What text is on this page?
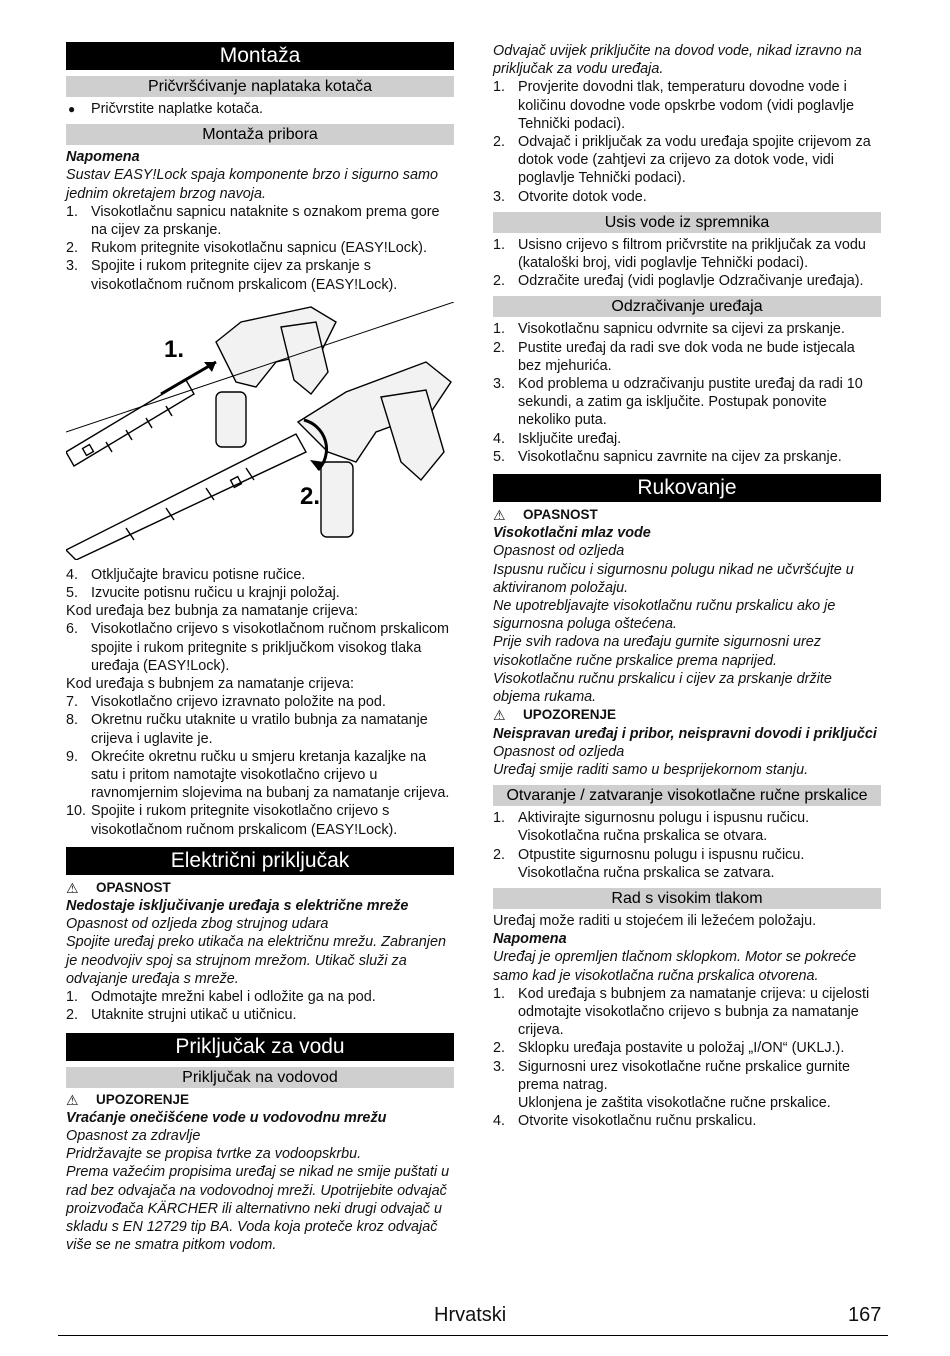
Montaža
Pričvršćivanje naplataka kotača
● Pričvrstite naplatke kotača.
Montaža pribora

Napomena

Sustav EASY!Lock spaja komponente brzo i sigurno samo jednim okretajem brzog navoja.

1. Visokotlačnu sapnicu nataknite s oznakom prema gore na cijev za prskanje.
2. Rukom pritegnite visokotlačnu sapnicu (EASY!Lock).
3. Spojite i rukom pritegnite cijev za prskanje s visokotlačnom ručnom prskalicom (EASY!Lock).
1.
2.
4. Otključajte bravicu potisne ručice.
5. Izvucite potisnu ručicu u krajnji položaj.

Kod uređaja bez bubnja za namatanje crijeva:

6. Visokotlačno crijevo s visokotlačnom ručnom prskalicom spojite i rukom pritegnite s priključkom visokog tlaka uređaja (EASY!Lock).

Kod uređaja s bubnjem za namatanje crijeva:

7. Visokotlačno crijevo izravnato položite na pod.
8. Okretnu ručku utaknite u vratilo bubnja za namatanje crijeva i uglavite je.
9. Okrećite okretnu ručku u smjeru kretanja kazaljke na satu i pritom namotajte visokotlačno crijevo u ravnomjernim slojevima na bubanj za namatanje crijeva.
10. Spojite i rukom pritegnite visokotlačno crijevo s visokotlačnom ručnom prskalicom (EASY!Lock).
Električni priključak

⚠ OPASNOST

Nedostaje isključivanje uređaja s električne mreže

Opasnost od ozljeda zbog strujnog udara

Spojite uređaj preko utikača na električnu mrežu. Zabranjen je neodvojiv spoj sa strujnom mrežom. Utikač služi za odvajanje uređaja s mreže.

1. Odmotajte mrežni kabel i odložite ga na pod.
2. Utaknite strujni utikač u utičnicu.
Priključak za vodu
Priključak na vodovod

⚠ UPOZORENJE

Vraćanje onečišćene vode u vodovodnu mrežu

Opasnost za zdravlje

Pridržavajte se propisa tvrtke za vodoopskrbu.

Prema važećim propisima uređaj se nikad ne smije puštati u rad bez odvajača na vodovodnoj mreži. Upotrijebite odvajač proizvođača KÄRCHER ili alternativno neki drugi odvajač u skladu s EN 12729 tip BA. Voda koja proteče kroz odvajač više se ne smatra pitkom vodom.

Odvajač uvijek priključite na dovod vode, nikad izravno na priključak za vodu uređaja.

1. Provjerite dovodni tlak, temperaturu dovodne vode i količinu dovodne vode opskrbe vodom (vidi poglavlje Tehnički podaci).
2. Odvajač i priključak za vodu uređaja spojite crijevom za dotok vode (zahtjevi za crijevo za dotok vode, vidi poglavlje Tehnički podaci).
3. Otvorite dotok vode.
Usis vode iz spremnika
1. Usisno crijevo s filtrom pričvrstite na priključak za vodu (kataloški broj, vidi poglavlje Tehnički podaci).
2. Odzračite uređaj (vidi poglavlje Odzračivanje uređaja).
Odzračivanje uređaja
1. Visokotlačnu sapnicu odvrnite sa cijevi za prskanje.
2. Pustite uređaj da radi sve dok voda ne bude istjecala bez mjehurića.
3. Kod problema u odzračivanju pustite uređaj da radi 10 sekundi, a zatim ga isključite. Postupak ponovite nekoliko puta.
4. Isključite uređaj.
5. Visokotlačnu sapnicu zavrnite na cijev za prskanje.
Rukovanje

⚠ OPASNOST

Visokotlačni mlaz vode

Opasnost od ozljeda

Ispusnu ručicu i sigurnosnu polugu nikad ne učvršćujte u aktiviranom položaju.

Ne upotrebljavajte visokotlačnu ručnu prskalicu ako je sigurnosna poluga oštećena.

Prije svih radova na uređaju gurnite sigurnosni urez visokotlačne ručne prskalice prema naprijed.

Visokotlačnu ručnu prskalicu i cijev za prskanje držite objema rukama.

⚠ UPOZORENJE

Neispravan uređaj i pribor, neispravni dovodi i priključci

Opasnost od ozljeda

Uređaj smije raditi samo u besprijekornom stanju.

Otvaranje / zatvaranje visokotlačne ručne prskalice
1. Aktivirajte sigurnosnu polugu i ispusnu ručicu.
Visokotlačna ručna prskalica se otvara.
2. Otpustite sigurnosnu polugu i ispusnu ručicu.
Visokotlačna ručna prskalica se zatvara.
Rad s visokim tlakom

Uređaj može raditi u stojećem ili ležećem položaju.

Napomena

Uređaj je opremljen tlačnom sklopkom. Motor se pokreće samo kad je visokotlačna ručna prskalica otvorena.

1. Kod uređaja s bubnjem za namatanje crijeva: u cijelosti odmotajte visokotlačno crijevo s bubnja za namatanje crijeva.
2. Sklopku uređaja postavite u položaj „I/ON“ (UKLJ.).
3. Sigurnosni urez visokotlačne ručne prskalice gurnite prema natrag.
Uklonjena je zaštita visokotlačne ručne prskalice.
4. Otvorite visokotlačnu ručnu prskalicu.
Hrvatski	167
